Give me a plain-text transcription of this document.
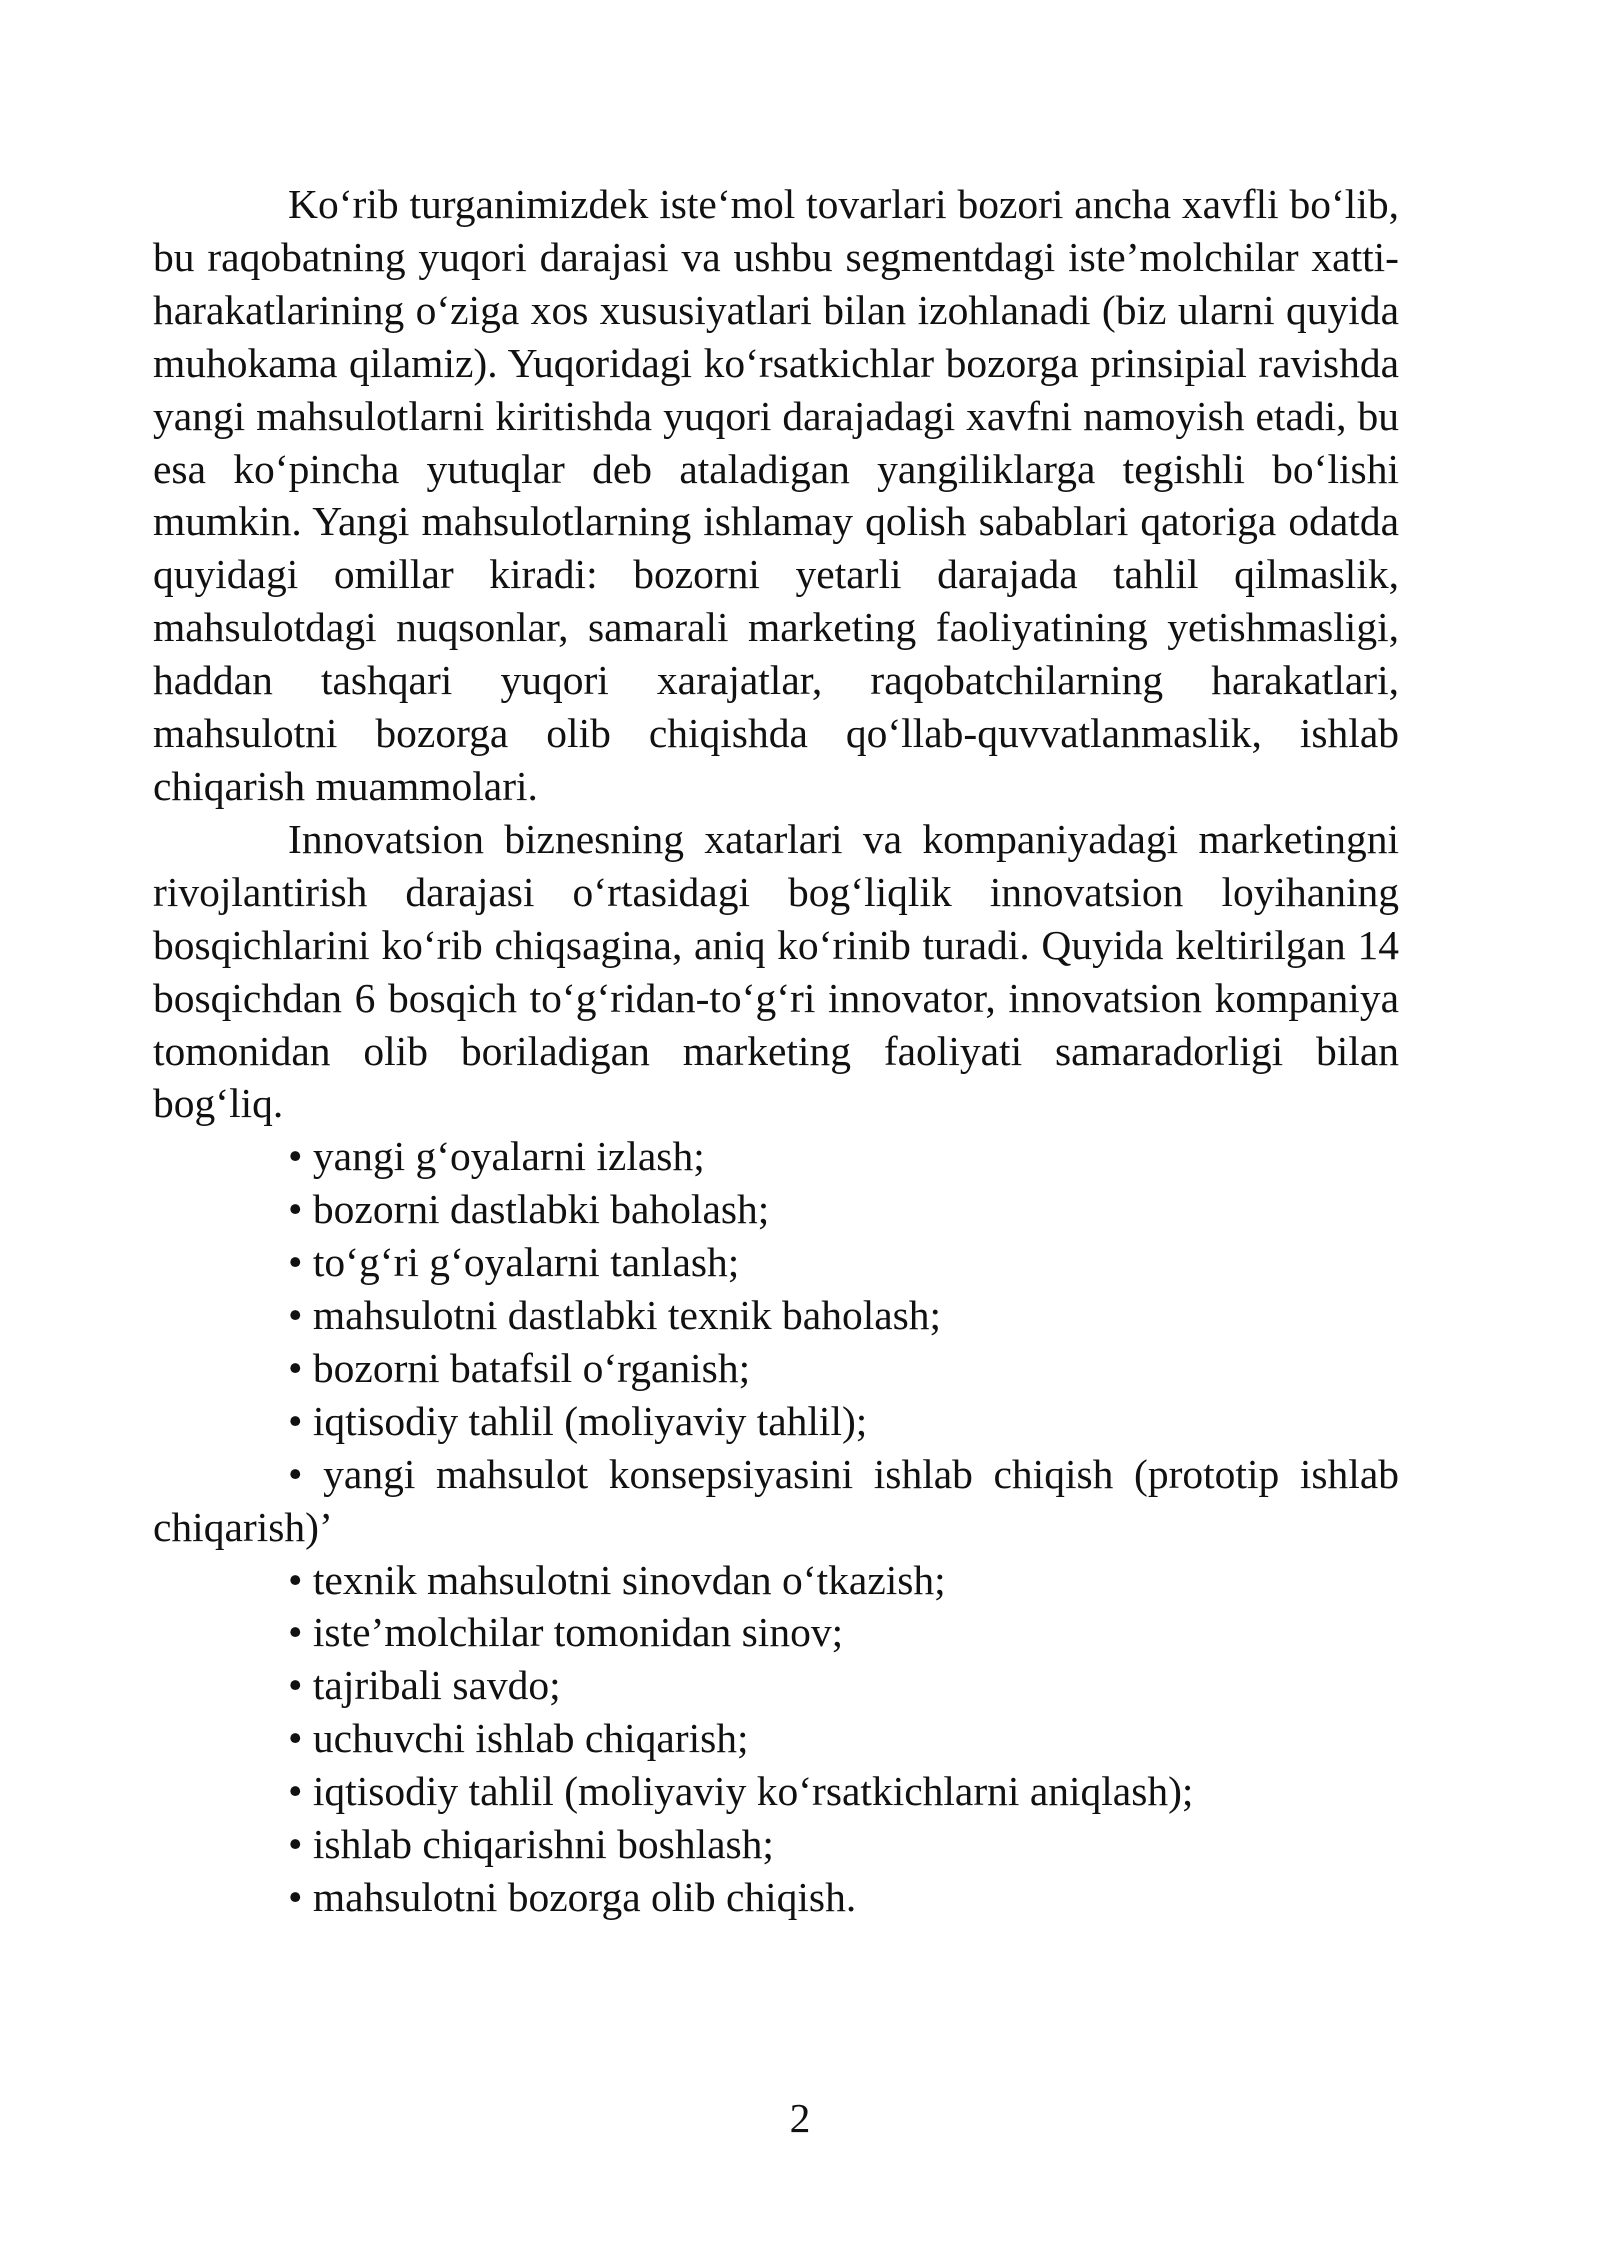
Ko‘rib turganimizdek iste‘mol tovarlari bozori ancha xavfli bo‘lib, bu raqobatning yuqori darajasi va ushbu segmentdagi iste’molchilar xatti-harakatlarining o‘ziga xos xususiyatlari bilan izohlanadi (biz ularni quyida muhokama qilamiz). Yuqoridagi ko‘rsatkichlar bozorga prinsipial ravishda yangi mahsulotlarni kiritishda yuqori darajadagi xavfni namoyish etadi, bu esa ko‘pincha yutuqlar deb ataladigan yangiliklarga tegishli bo‘lishi mumkin. Yangi mahsulotlarning ishlamay qolish sabablari qatoriga odatda quyidagi omillar kiradi: bozorni yetarli darajada tahlil qilmaslik, mahsulotdagi nuqsonlar, samarali marketing faoliyatining yetishmasligi, haddan tashqari yuqori xarajatlar, raqobatchilarning harakatlari, mahsulotni bozorga olib chiqishda qo‘llab-quvvatlanmaslik, ishlab chiqarish muammolari.

Innovatsion biznesning xatarlari va kompaniyadagi marketingni rivojlantirish darajasi o‘rtasidagi bog‘liqlik innovatsion loyihaning bosqichlarini ko‘rib chiqsagina, aniq ko‘rinib turadi. Quyida keltirilgan 14 bosqichdan 6 bosqich to‘g‘ridan-to‘g‘ri innovator, innovatsion kompaniya tomonidan olib boriladigan marketing faoliyati samaradorligi bilan bog‘liq.

• yangi g‘oyalarni izlash;
• bozorni dastlabki baholash;
• to‘g‘ri g‘oyalarni tanlash;
• mahsulotni dastlabki texnik baholash;
• bozorni batafsil o‘rganish;
• iqtisodiy tahlil (moliyaviy tahlil);
• yangi mahsulot konsepsiyasini ishlab chiqish (prototip ishlab chiqarish)’
• texnik mahsulotni sinovdan o‘tkazish;
• iste’molchilar tomonidan sinov;
• tajribali savdo;
• uchuvchi ishlab chiqarish;
• iqtisodiy tahlil (moliyaviy ko‘rsatkichlarni aniqlash);
• ishlab chiqarishni boshlash;
• mahsulotni bozorga olib chiqish.
2
